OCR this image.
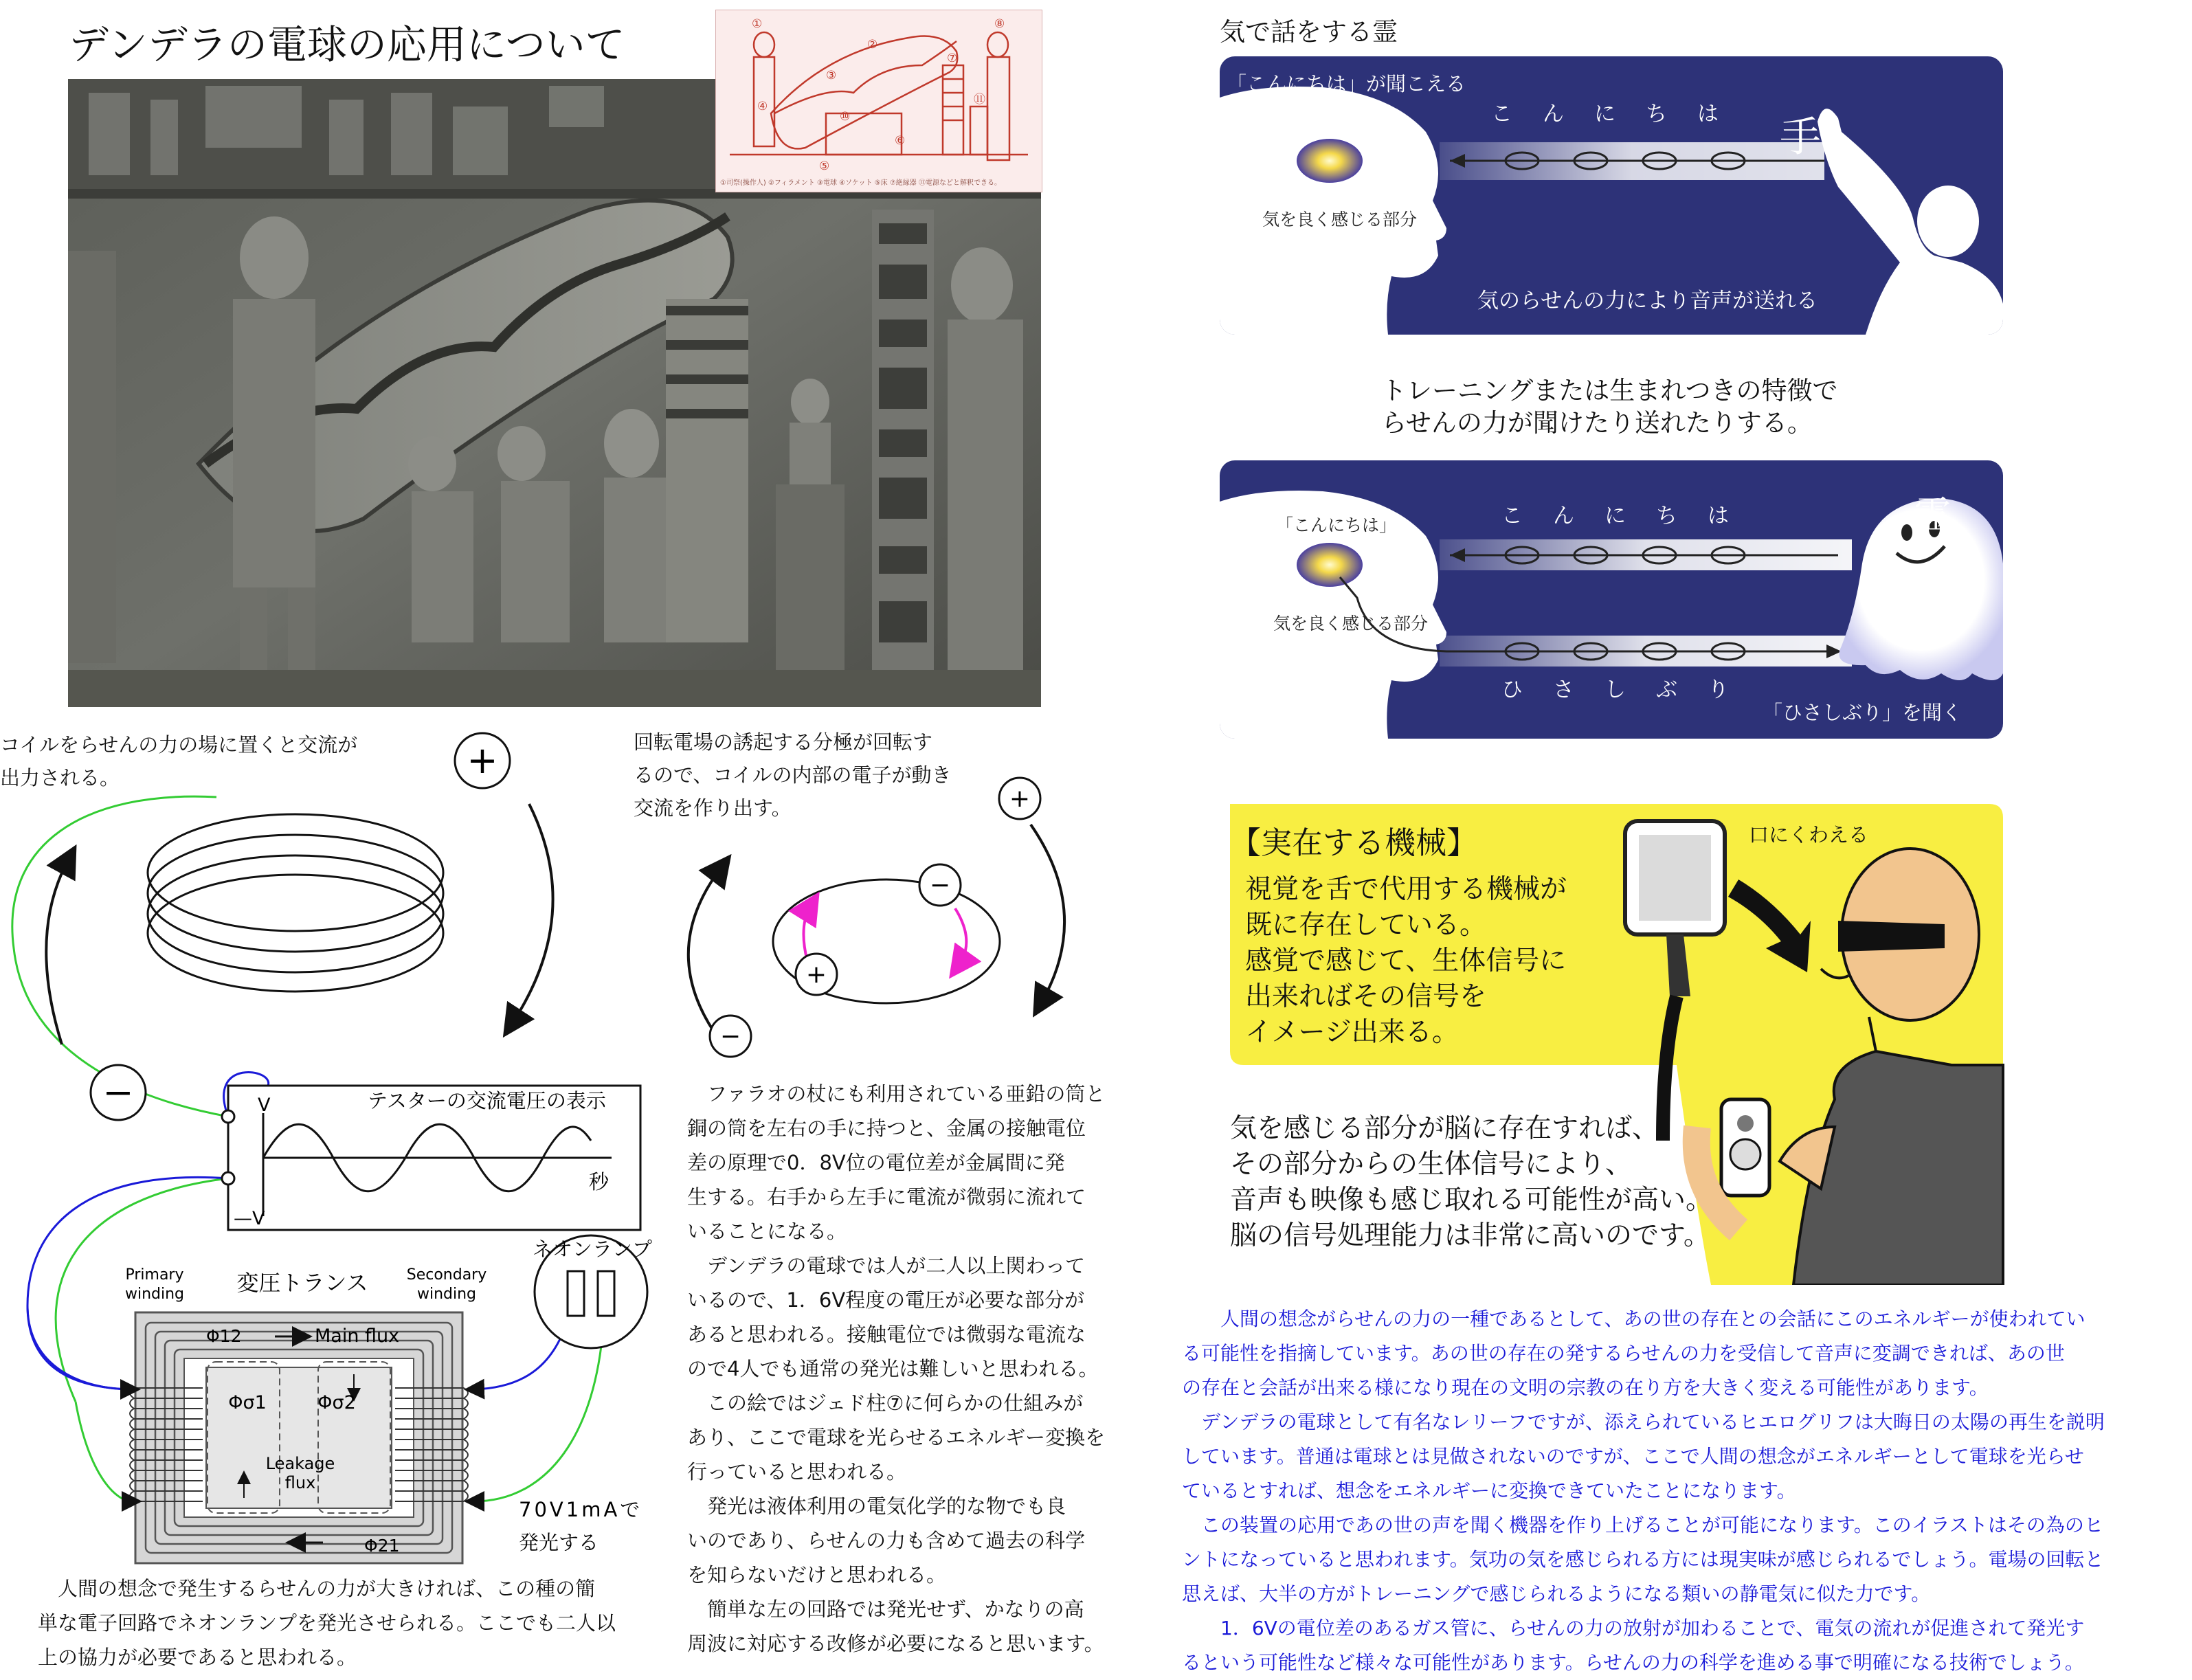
デンデラの電球の応用について	①
②
③
④
⑤
⑥
⑦
⑧
⑩
⑪
①司祭(操作人) ②フィラメント ③電球 ④ソケット ⑤床 ⑦絶縁器 ⑪電源などと解釈できる。
コイルをらせんの力の場に置くと交流が
出力される。	+
−	V
—V
テスターの交流電圧の表示
秒
回転電場の誘起する分極が回転す
るので、コイルの内部の電子が動き
交流を作り出す。
−
+
+
−
Primary
winding
Secondary
winding
変圧トランス
Φ12	Main flux
Φσ1	Φσ2
Leakage
flux
Φ21
ネオンランプ
70V1mAで
発光する

　人間の想念で発生するらせんの力が大きければ、この種の簡

単な電子回路でネオンランプを発光させられる。ここでも二人以

上の協力が必要であると思われる。

　ファラオの杖にも利用されている亜鉛の筒と

銅の筒を左右の手に持つと、金属の接触電位

差の原理で0．8V位の電位差が金属間に発

生する。右手から左手に電流が微弱に流れて

いることになる。

　デンデラの電球では人が二人以上関わって

いるので、1．6V程度の電圧が必要な部分が

あると思われる。接触電位では微弱な電流な

ので4人でも通常の発光は難しいと思われる。

　この絵ではジェド柱⑦に何らかの仕組みが

あり、ここで電球を光らせるエネルギー変換を

行っていると思われる。

　発光は液体利用の電気化学的な物でも良

いのであり、らせんの力も含めて過去の科学

を知らないだけと思われる。

　簡単な左の回路では発光せず、かなりの高

周波に対応する改修が必要になると思います。

気で話をする霊
「こんにちは」が聞こえる
こ ん に ち は 手
気を良く感じる部分
気のらせんの力により音声が送れる
トレーニングまたは生まれつきの特徴で
らせんの力が聞けたり送れたりする。
「こんにちは」	こ ん に ち は	霊
気を良く感じる部分
ひ さ し ぶ り
「ひさしぶり」を聞く
【実在する機械】
視覚を舌で代用する機械が
既に存在している。
感覚で感じて、生体信号に
出来ればその信号を
イメージ出来る。
口にくわえる
気を感じる部分が脳に存在すれば、
その部分からの生体信号により、
音声も映像も感じ取れる可能性が高い。
脳の信号処理能力は非常に高いのです。

　　人間の想念がらせんの力の一種であるとして、あの世の存在との会話にこのエネルギーが使われてい

る可能性を指摘しています。あの世の存在の発するらせんの力を受信して音声に変調できれば、あの世

の存在と会話が出来る様になり現在の文明の宗教の在り方を大きく変える可能性があります。

　デンデラの電球として有名なレリーフですが、添えられているヒエログリフは大晦日の太陽の再生を説明

しています。普通は電球とは見做されないのですが、ここで人間の想念がエネルギーとして電球を光らせ

ているとすれば、想念をエネルギーに変換できていたことになります。

　この装置の応用であの世の声を聞く機器を作り上げることが可能になります。このイラストはその為のヒ

ントになっていると思われます。気功の気を感じられる方には現実味が感じられるでしょう。電場の回転と

思えば、大半の方がトレーニングで感じられるようになる類いの静電気に似た力です。

　　1．6Vの電位差のあるガス管に、らせんの力の放射が加わることで、電気の流れが促進されて発光す

るという可能性など様々な可能性があります。らせんの力の科学を進める事で明確になる技術でしょう。
